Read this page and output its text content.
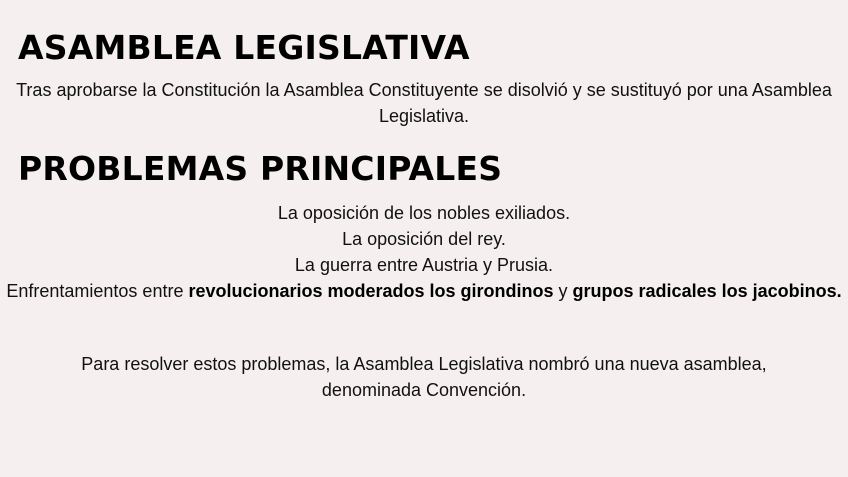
ASAMBLEA LEGISLATIVA

Tras aprobarse la Constitución la Asamblea Constituyente se disolvió y se sustituyó por una Asamblea Legislativa.

PROBLEMAS PRINCIPALES
La oposición de los nobles exiliados.
La oposición del rey.
La guerra entre Austria y Prusia.
Enfrentamientos entre revolucionarios moderados los girondinos y grupos radicales los jacobinos.

Para resolver estos problemas, la Asamblea Legislativa nombró una nueva asamblea, denominada Convención.
